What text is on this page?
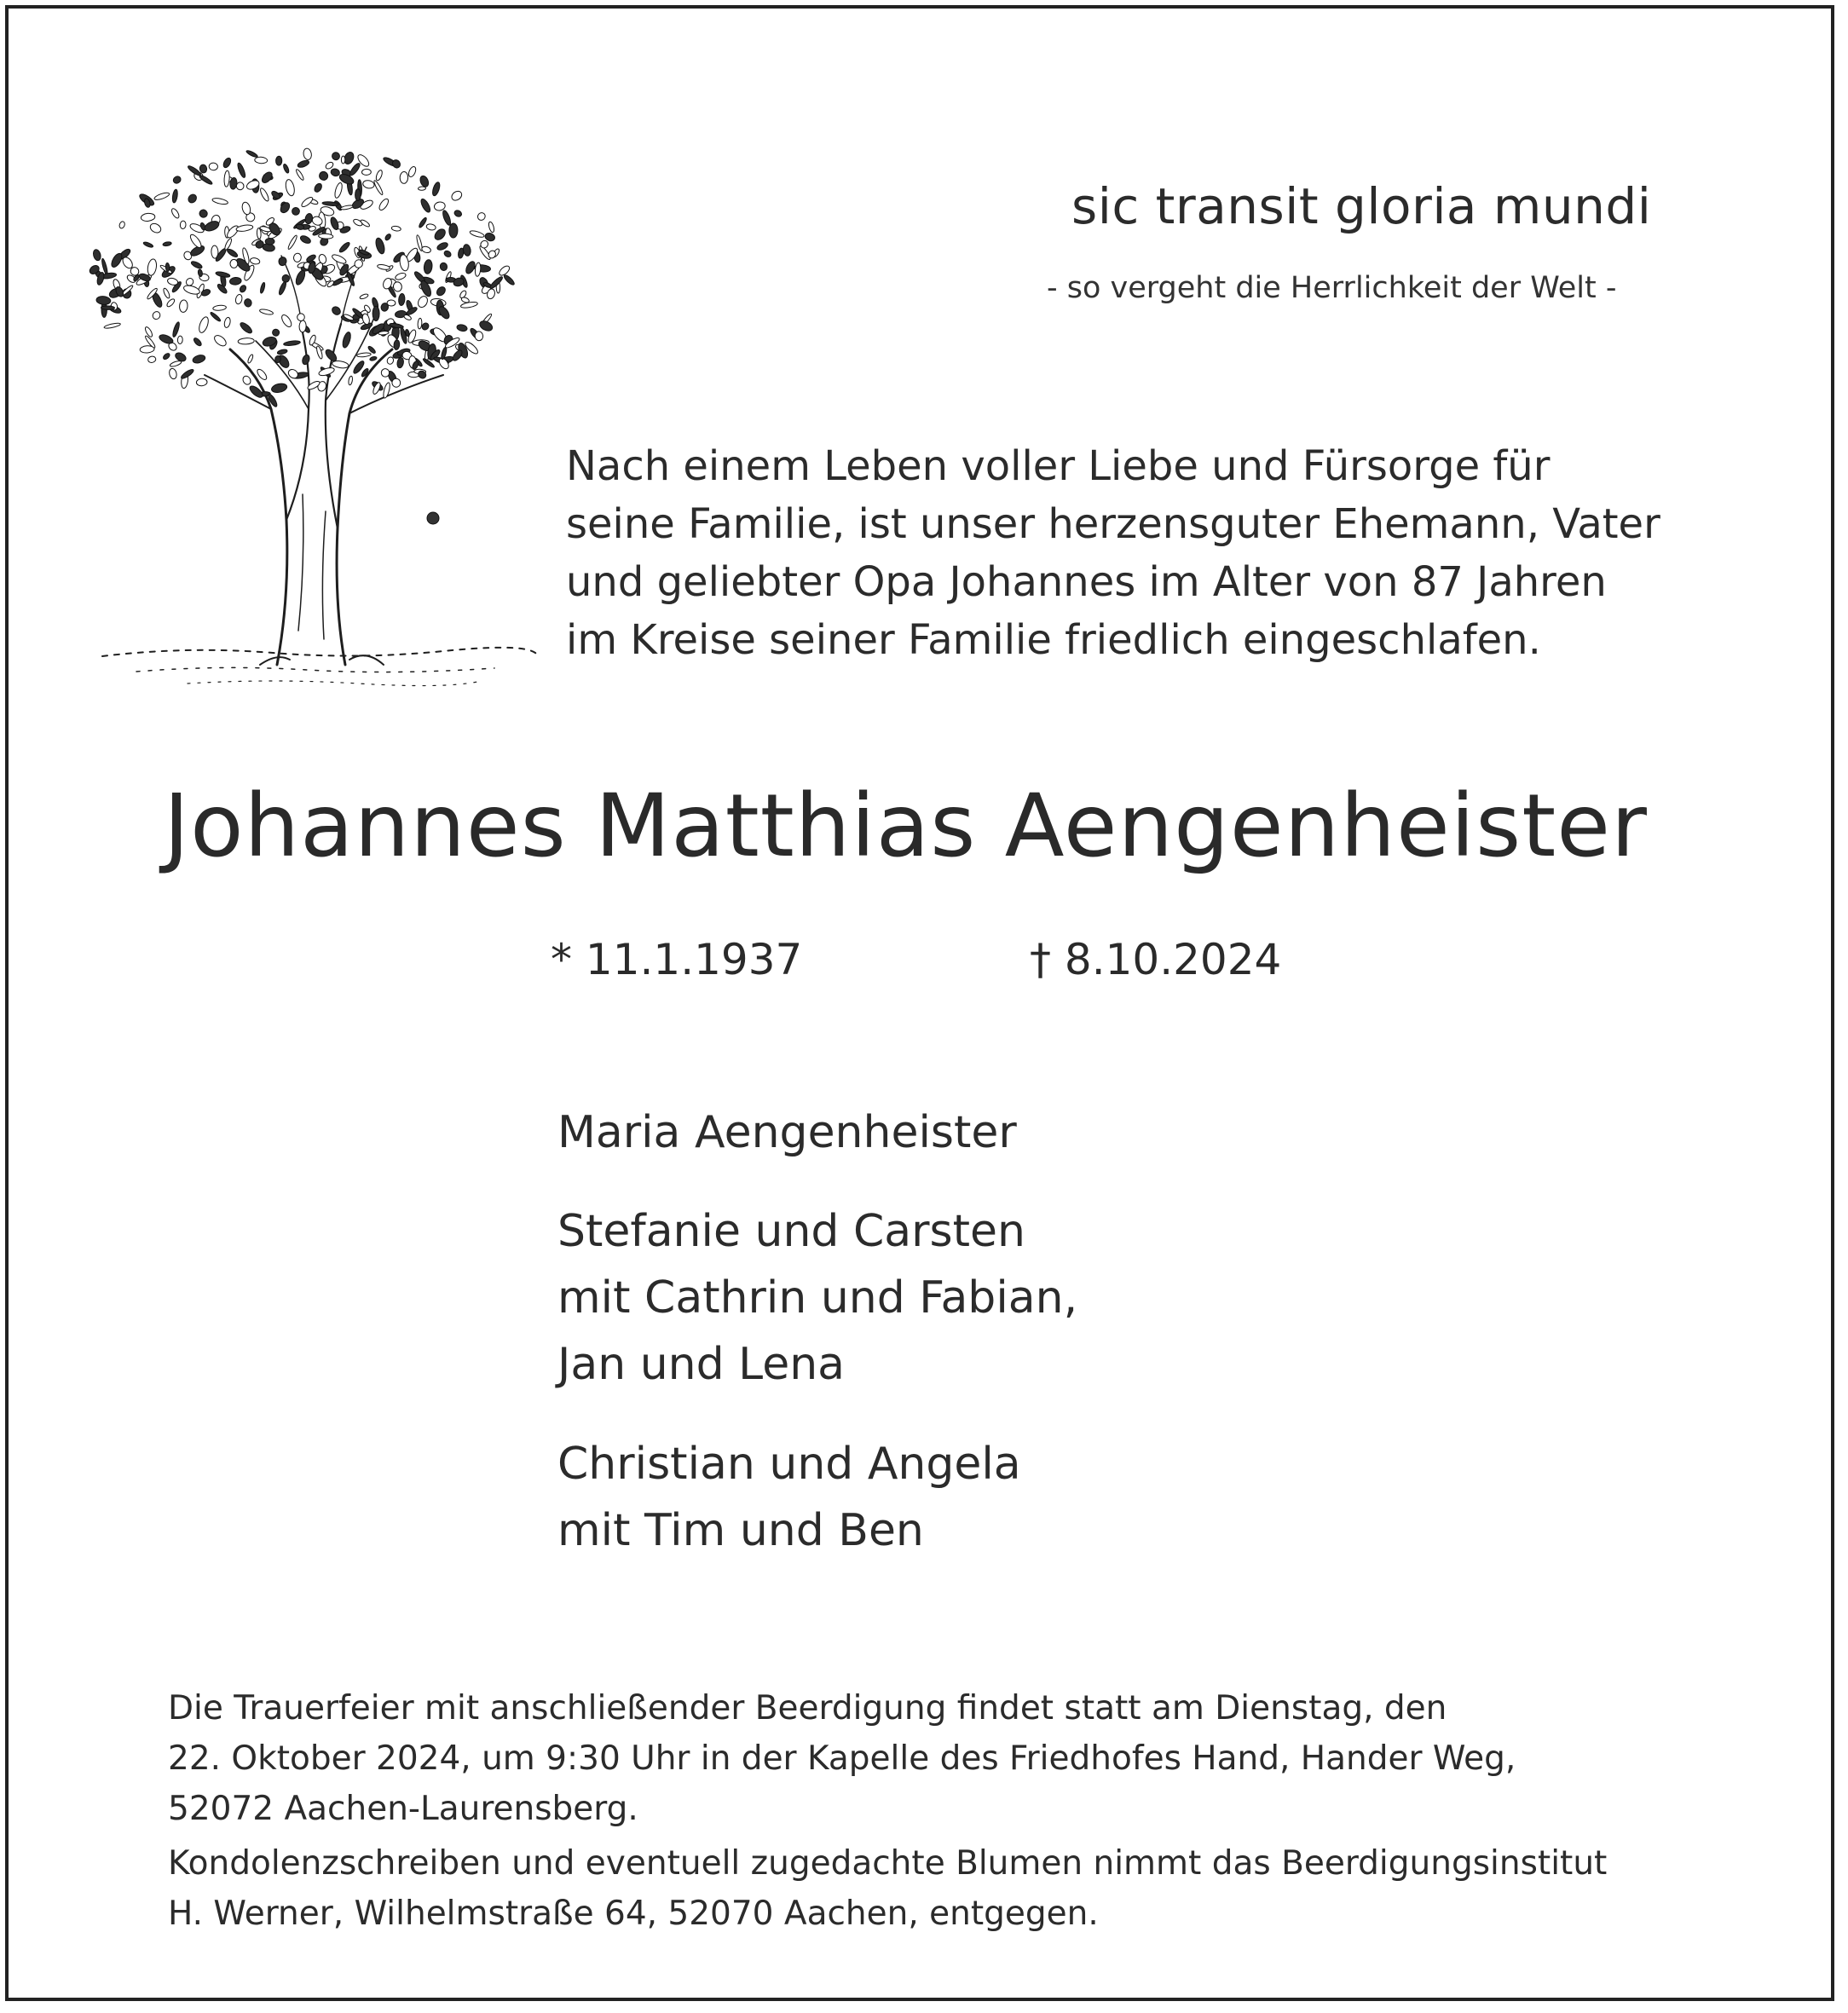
sic transit gloria mundi
- so vergeht die Herrlichkeit der Welt -
Nach einem Leben voller Liebe und Fürsorge für
seine Familie, ist unser herzensguter Ehemann, Vater
und geliebter Opa Johannes im Alter von 87 Jahren
im Kreise seiner Familie friedlich eingeschlafen.
Johannes Matthias Aengenheister
* 11.1.1937	† 8.10.2024
Maria Aengenheister
Stefanie und Carsten
mit Cathrin und Fabian,
Jan und Lena
Christian und Angela
mit Tim und Ben
Die Trauerfeier mit anschließender Beerdigung findet statt am Dienstag, den
22. Oktober 2024, um 9:30 Uhr in der Kapelle des Friedhofes Hand, Hander Weg,
52072 Aachen-Laurensberg.
Kondolenzschreiben und eventuell zugedachte Blumen nimmt das Beerdigungsinstitut
H. Werner, Wilhelmstraße 64, 52070 Aachen, entgegen.
